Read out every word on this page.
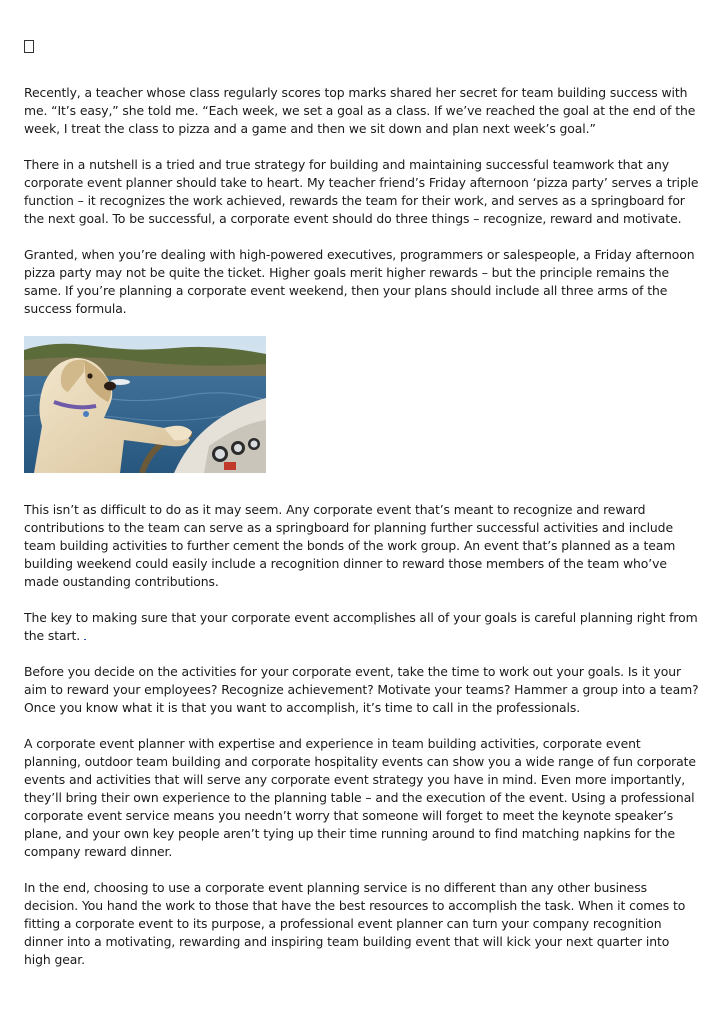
Recently, a teacher whose class regularly scores top marks shared her secret for team building success with me. “It’s easy,” she told me. “Each week, we set a goal as a class. If we’ve reached the goal at the end of the week, I treat the class to pizza and a game and then we sit down and plan next week’s goal.”

There in a nutshell is a tried and true strategy for building and maintaining successful teamwork that any corporate event planner should take to heart. My teacher friend’s Friday afternoon ‘pizza party’ serves a triple function – it recognizes the work achieved, rewards the team for their work, and serves as a springboard for the next goal. To be successful, a corporate event should do three things – recognize, reward and motivate.

Granted, when you’re dealing with high-powered executives, programmers or salespeople, a Friday afternoon pizza party may not be quite the ticket. Higher goals merit higher rewards – but the principle remains the same. If you’re planning a corporate event weekend, then your plans should include all three arms of the success formula.

This isn’t as difficult to do as it may seem. Any corporate event that’s meant to recognize and reward contributions to the team can serve as a springboard for planning further successful activities and include team building activities to further cement the bonds of the work group. An event that’s planned as a team building weekend could easily include a recognition dinner to reward those members of the team who’ve made oustanding contributions.

The key to making sure that your corporate event accomplishes all of your goals is careful planning right from the start.

Before you decide on the activities for your corporate event, take the time to work out your goals. Is it your aim to reward your employees? Recognize achievement? Motivate your teams? Hammer a group into a team? Once you know what it is that you want to accomplish, it’s time to call in the professionals.

A corporate event planner with expertise and experience in team building activities, corporate event planning, outdoor team building and corporate hospitality events can show you a wide range of fun corporate events and activities that will serve any corporate event strategy you have in mind. Even more importantly, they’ll bring their own experience to the planning table – and the execution of the event. Using a professional corporate event service means you needn’t worry that someone will forget to meet the keynote speaker’s plane, and your own key people aren’t tying up their time running around to find matching napkins for the company reward dinner.

In the end, choosing to use a corporate event planning service is no different than any other business decision. You hand the work to those that have the best resources to accomplish the task. When it comes to fitting a corporate event to its purpose, a professional event planner can turn your company recognition dinner into a motivating, rewarding and inspiring team building event that will kick your next quarter into high gear.
